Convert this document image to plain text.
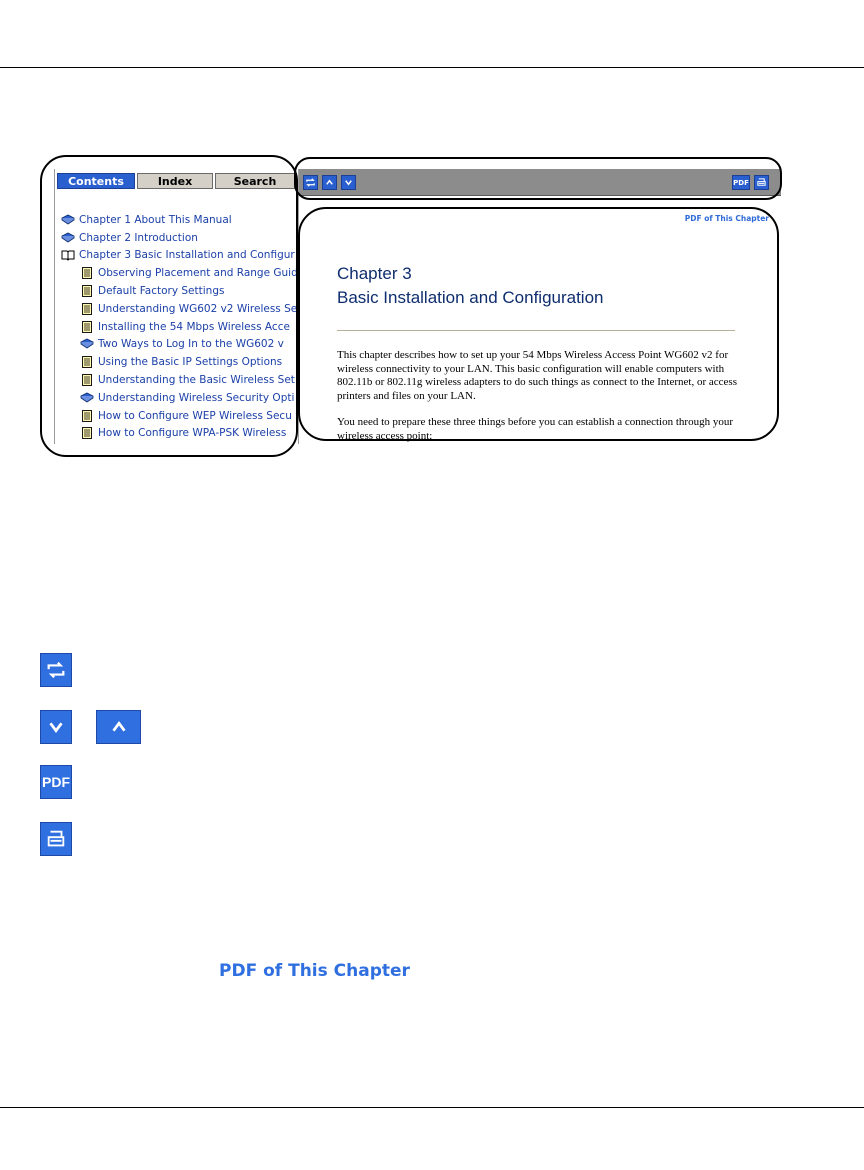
Contents	Index	Search
Chapter 1 About This Manual
Chapter 2 Introduction
Chapter 3 Basic Installation and Configur
Observing Placement and Range Guid
Default Factory Settings
Understanding WG602 v2 Wireless Se
Installing the 54 Mbps Wireless Acce
Two Ways to Log In to the WG602 v
Using the Basic IP Settings Options
Understanding the Basic Wireless Set
Understanding Wireless Security Opti
How to Configure WEP Wireless Secu
How to Configure WPA-PSK Wireless
PDF
PDF of This Chapter
Chapter 3
Basic Installation and Configuration
This chapter describes how to set up your 54 Mbps Wireless Access Point WG602 v2 for wireless connectivity to your LAN. This basic configuration will enable computers with 802.11b or 802.11g wireless adapters to do such things as connect to the Internet, or access printers and files on your LAN.
You need to prepare these three things before you can establish a connection through your wireless access point:
PDF
PDF of This Chapter
